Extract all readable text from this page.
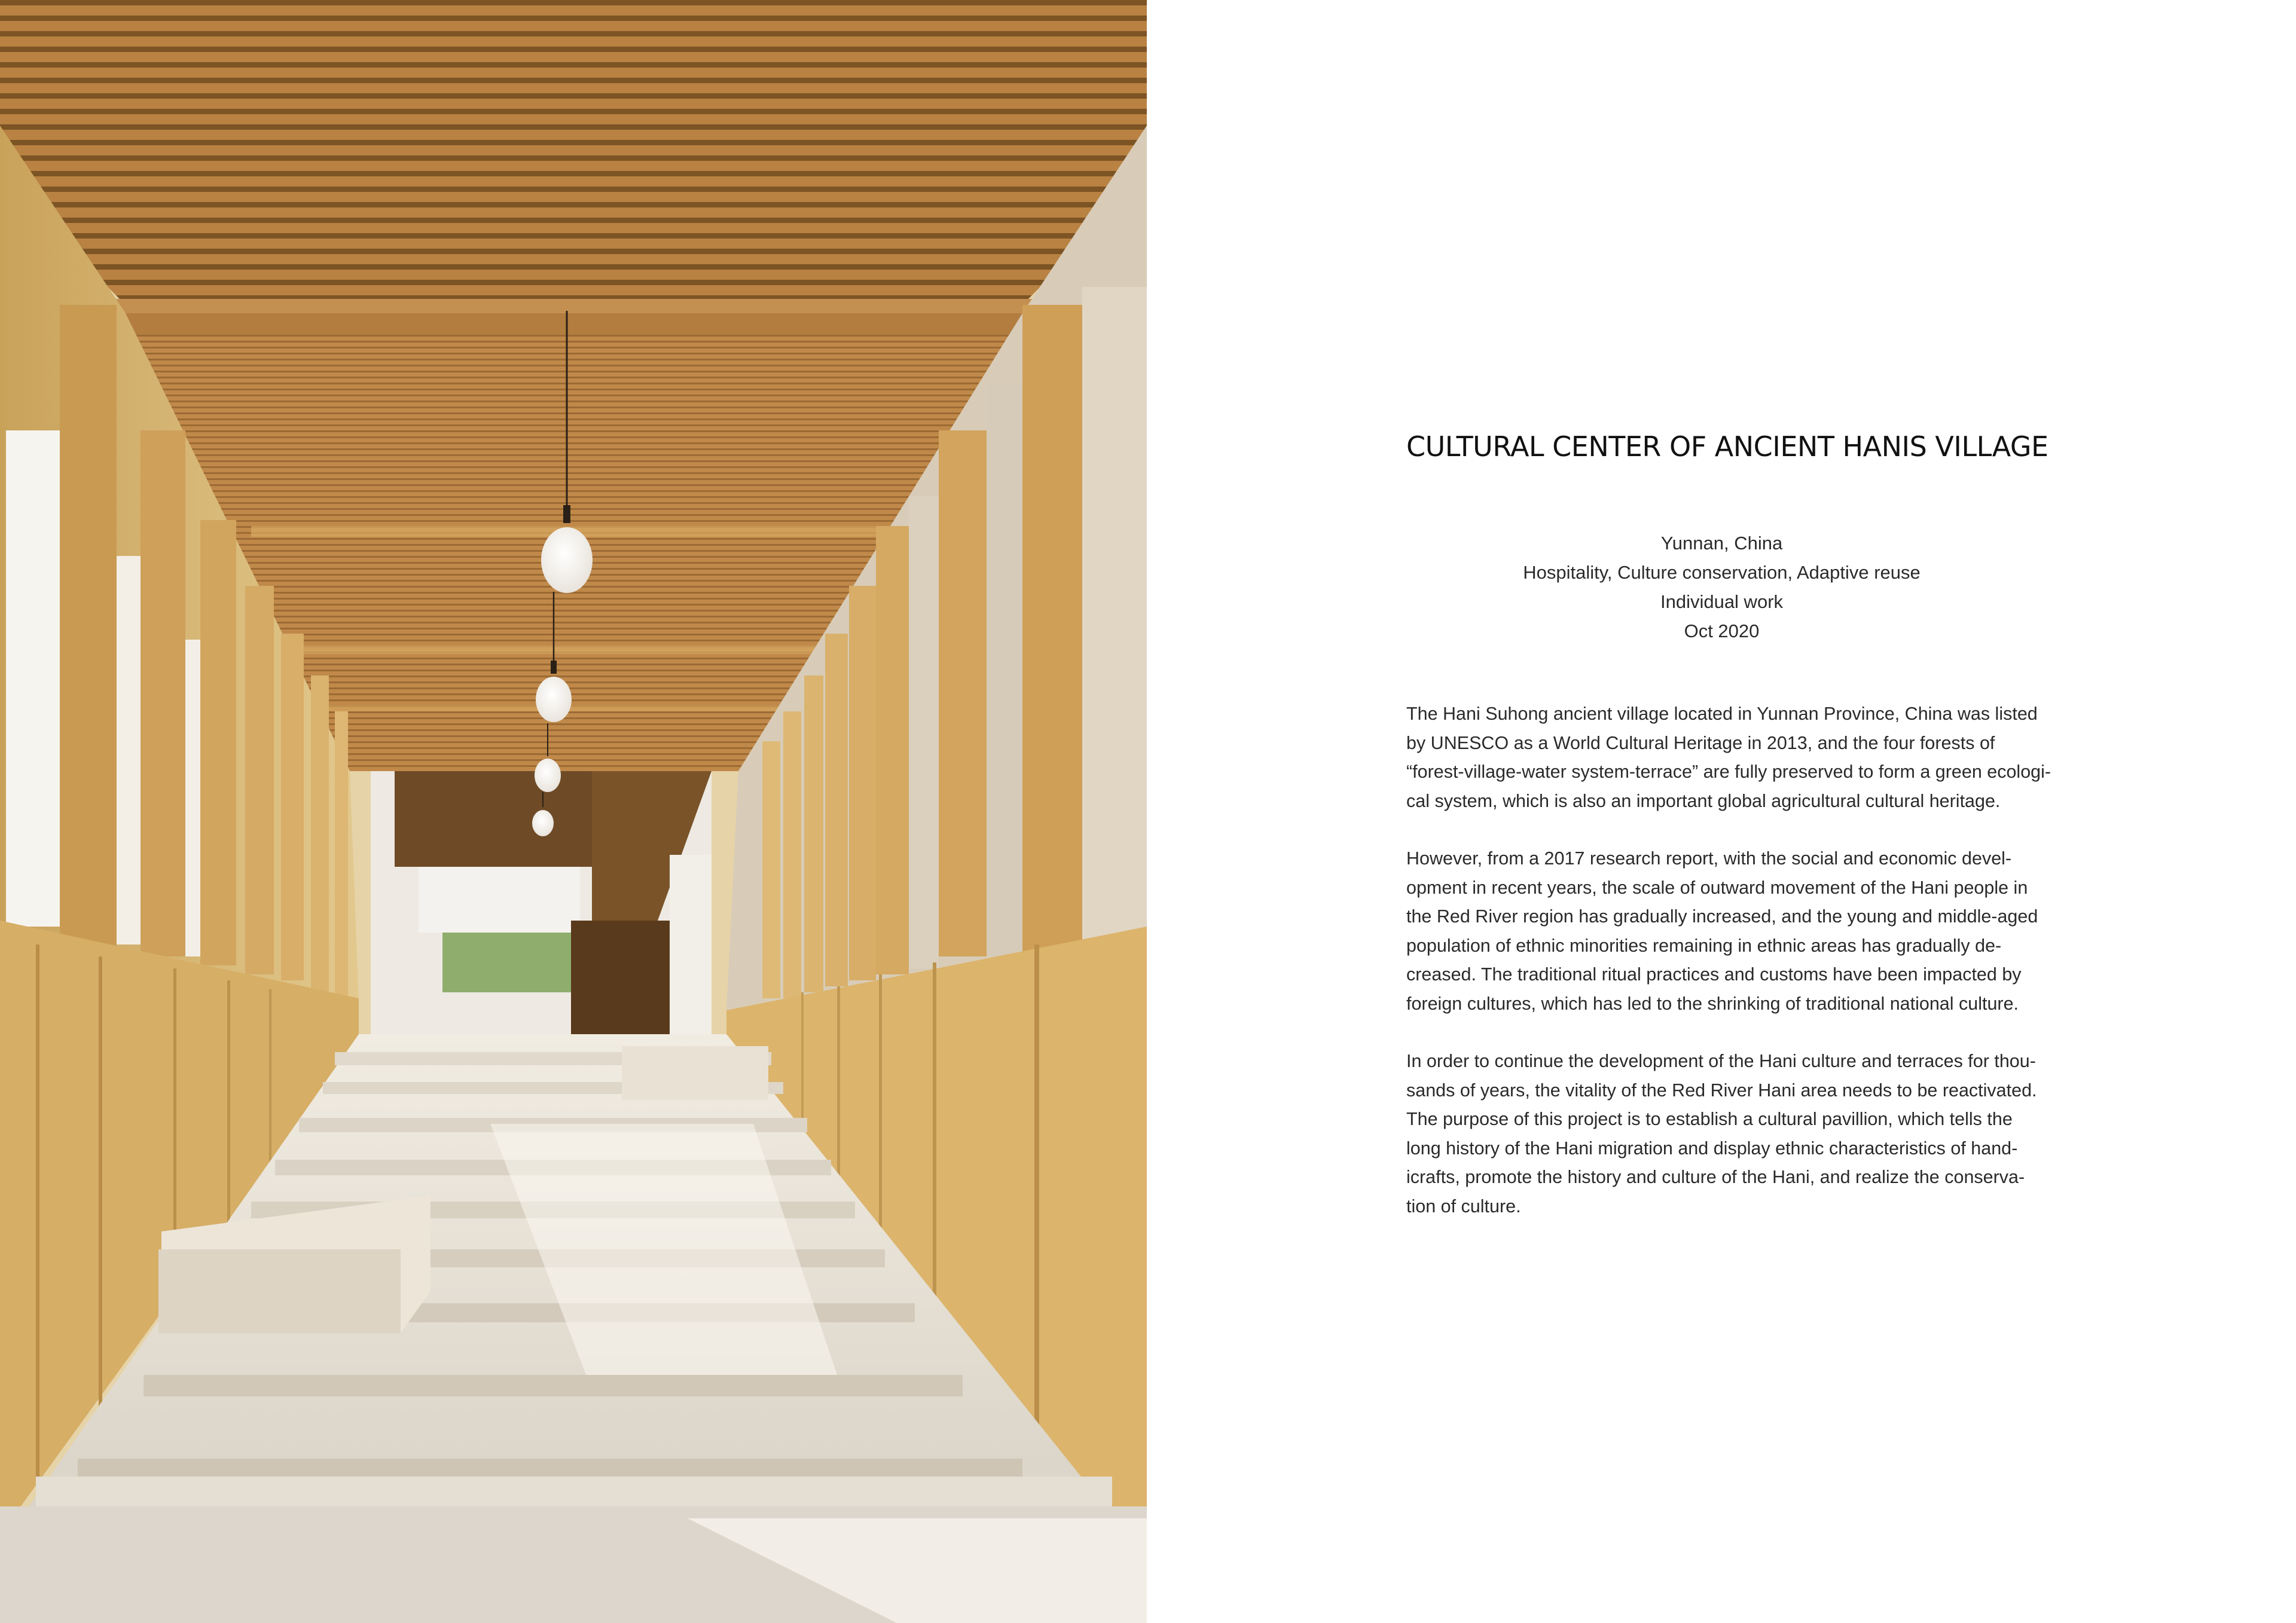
CULTURAL CENTER OF ANCIENT HANIS VILLAGE
Yunnan, China
Hospitality, Culture conservation, Adaptive reuse
Individual work
Oct 2020

The Hani Suhong ancient village located in Yunnan Province, China was listed
by UNESCO as a World Cultural Heritage in 2013, and the four forests of
“forest-village-water system-terrace” are fully preserved to form a green ecologi-
cal system, which is also an important global agricultural cultural heritage.

However, from a 2017 research report, with the social and economic devel-
opment in recent years, the scale of outward movement of the Hani people in
the Red River region has gradually increased, and the young and middle-aged
population of ethnic minorities remaining in ethnic areas has gradually de-
creased. The traditional ritual practices and customs have been impacted by
foreign cultures, which has led to the shrinking of traditional national culture.

In order to continue the development of the Hani culture and terraces for thou-
sands of years, the vitality of the Red River Hani area needs to be reactivated.
The purpose of this project is to establish a cultural pavillion, which tells the
long history of the Hani migration and display ethnic characteristics of hand-
icrafts, promote the history and culture of the Hani, and realize the conserva-
tion of culture.
